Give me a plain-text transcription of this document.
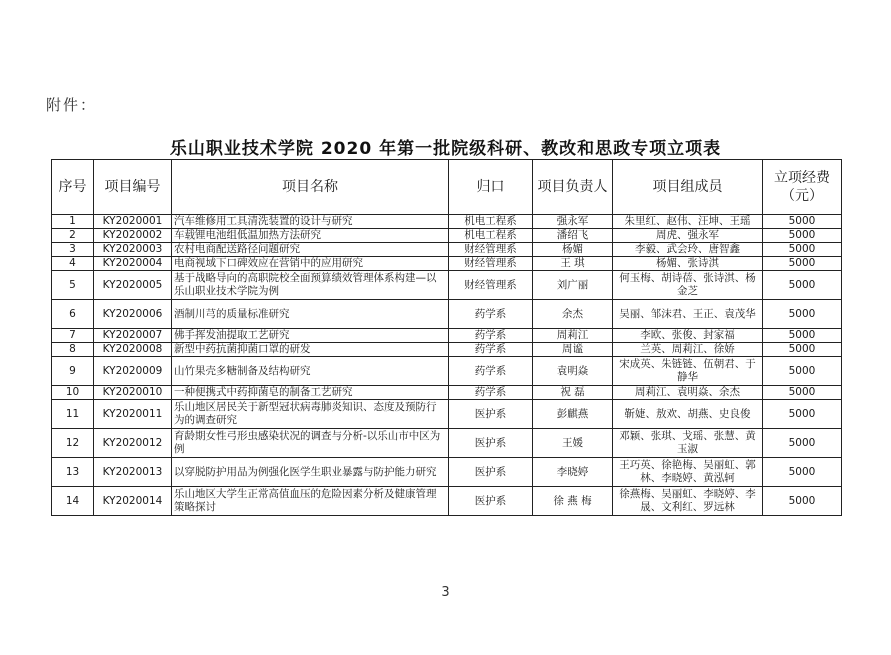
附件：
乐山职业技术学院 2020 年第一批院级科研、教改和思政专项立项表
序号	项目编号	项目名称	归口	项目负责人	项目组成员	立项经费（元）
1	KY2020001	汽车维修用工具清洗装置的设计与研究	机电工程系	强永军	朱里红、赵伟、汪坤、王瑶	5000
2	KY2020002	车载锂电池组低温加热方法研究	机电工程系	潘绍飞	周虎、强永军	5000
3	KY2020003	农村电商配送路径问题研究	财经管理系	杨媚	李毅、武会玲、唐智鑫	5000
4	KY2020004	电商视域下口碑效应在营销中的应用研究	财经管理系	王 琪	杨媚、张诗淇	5000
5	KY2020005	基于战略导向的高职院校全面预算绩效管理体系构建—以乐山职业技术学院为例	财经管理系	刘广丽	何玉梅、胡诗蓓、张诗淇、杨金芝	5000
6	KY2020006	酒制川芎的质量标准研究	药学系	余杰	吴丽、邹沫君、王正、袁茂华	5000
7	KY2020007	佛手挥发油提取工艺研究	药学系	周莉江	李欧、张俊、封家福	5000
8	KY2020008	新型中药抗菌抑菌口罩的研发	药学系	周谧	兰英、周莉江、徐娇	5000
9	KY2020009	山竹果壳多糖制备及结构研究	药学系	袁明焱	宋成英、朱链链、伍朝君、于静华	5000
10	KY2020010	一种便携式中药抑菌皂的制备工艺研究	药学系	祝 磊	周莉江、袁明焱、余杰	5000
11	KY2020011	乐山地区居民关于新型冠状病毒肺炎知识、态度及预防行为的调查研究	医护系	彭麒燕	靳婕、敖欢、胡燕、史良俊	5000
12	KY2020012	育龄期女性弓形虫感染状况的调查与分析-以乐山市中区为例	医护系	王媛	邓颖、张琪、戈瑶、张慧、黄玉淑	5000
13	KY2020013	以穿脱防护用品为例强化医学生职业暴露与防护能力研究	医护系	李晓婷	王巧英、徐艳梅、吴丽虹、郭林、李晓婷、黄泓轲	5000
14	KY2020014	乐山地区大学生正常高值血压的危险因素分析及健康管理策略探讨	医护系	徐 燕 梅	徐燕梅、吴丽虹、李晓婷、李晟、文利红、罗远林	5000
3
